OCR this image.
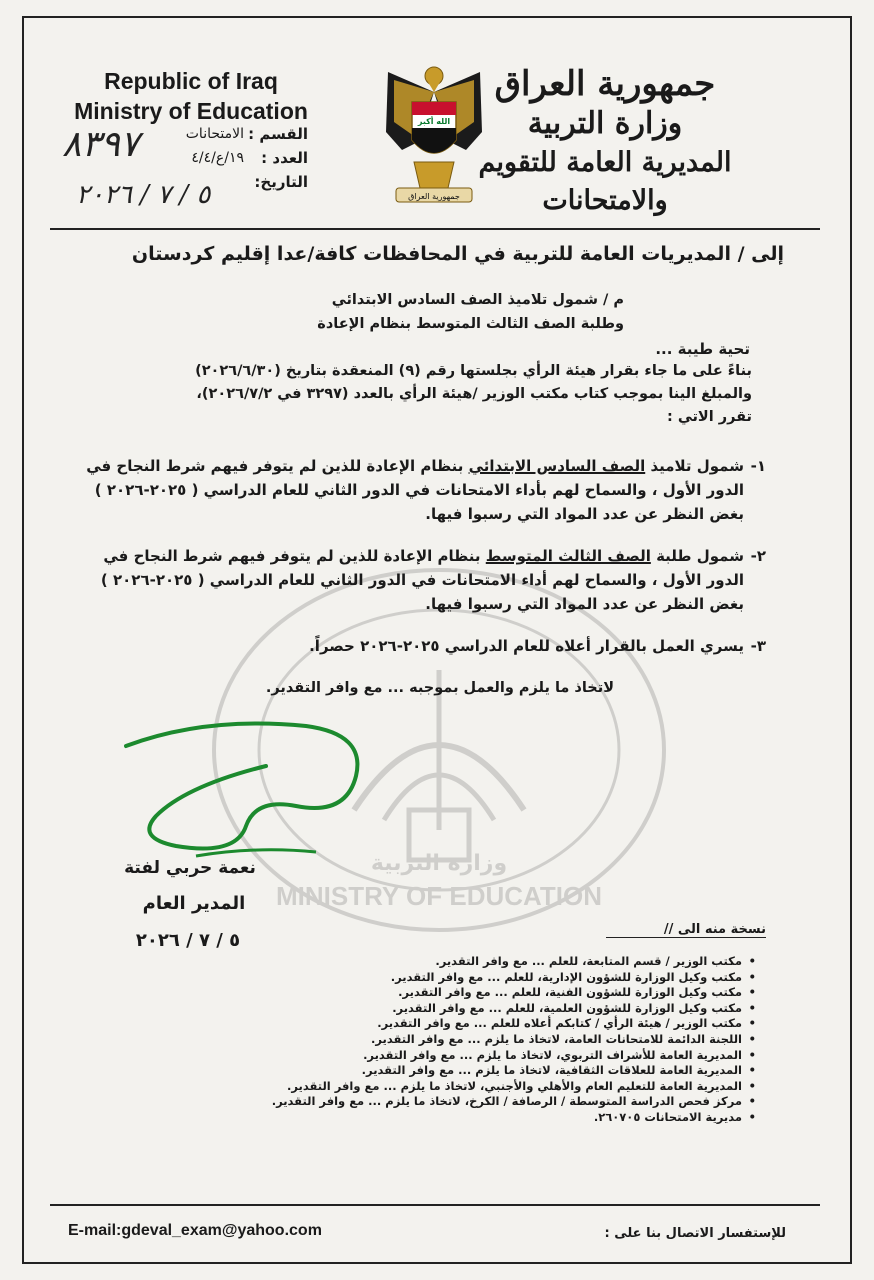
MINISTRY OF EDUCATION
وزارة التربية
Republic of Iraq
Ministry of Education
جمهورية العراق
وزارة التربية
المديرية العامة للتقويم والامتحانات
الله أكبر
جمهورية العراق
القسم :
الامتحانات
العدد :
١٩/ع/٤/٤
التاريخ:
٨٣٩٧
٥ / ٧ / ٢٠٢٦
إلى / المديريات العامة للتربية في المحافظات كافة/عدا إقليم كردستان
م / شمول تلاميذ الصف السادس الابتدائي
وطلبة الصف الثالث المتوسط بنظام الإعادة
تحية طيبة ...
بناءً على ما جاء بقرار هيئة الرأي بجلستها رقم (٩) المنعقدة بتاريخ (٢٠٢٦/٦/٣٠)
والمبلغ الينا بموجب كتاب مكتب الوزير /هيئة الرأي بالعدد (٣٢٩٧ في ٢٠٢٦/٧/٢)،
تقرر الاتي :
١-شمول تلاميذ الصف السادس الابتدائي بنظام الإعادة للذين لم يتوفر فيهم شرط النجاح في الدور الأول ، والسماح لهم بأداء الامتحانات في الدور الثاني للعام الدراسي ( ٢٠٢٥-٢٠٢٦ ) بغض النظر عن عدد المواد التي رسبوا فيها.
٢-شمول طلبة الصف الثالث المتوسط بنظام الإعادة للذين لم يتوفر فيهم شرط النجاح في الدور الأول ، والسماح لهم أداء الامتحانات في الدور الثاني للعام الدراسي ( ٢٠٢٥-٢٠٢٦ ) بغض النظر عن عدد المواد التي رسبوا فيها.
٣-يسري العمل بالقرار أعلاه للعام الدراسي ٢٠٢٥-٢٠٢٦ حصراً.
لاتخاذ ما يلزم والعمل بموجبه ... مع وافر التقدير.
نعمة حربي لفتة
المدير العام
٥ / ٧ / ٢٠٢٦
نسخة منه الى //
• مكتب الوزير / قسم المتابعة، للعلم ... مع وافر التقدير.
• مكتب وكيل الوزارة للشؤون الإدارية، للعلم ... مع وافر التقدير.
• مكتب وكيل الوزارة للشؤون الفنية، للعلم ... مع وافر التقدير.
• مكتب وكيل الوزارة للشؤون العلمية، للعلم ... مع وافر التقدير.
• مكتب الوزير / هيئة الرأي / كتابكم أعلاه للعلم ... مع وافر التقدير.
• اللجنة الدائمة للامتحانات العامة، لاتخاذ ما يلزم ... مع وافر التقدير.
• المديرية العامة للأشراف التربوي، لاتخاذ ما يلزم ... مع وافر التقدير.
• المديرية العامة للعلاقات الثقافية، لاتخاذ ما يلزم ... مع وافر التقدير.
• المديرية العامة للتعليم العام والأهلي والأجنبي، لاتخاذ ما يلزم ... مع وافر التقدير.
• مركز فحص الدراسة المتوسطة / الرصافة / الكرخ، لاتخاذ ما يلزم ... مع وافر التقدير.
• مديرية الامتحانات ٢٦٠٧٠٥.
E-mail:gdeval_exam@yahoo.com	للإستفسار الاتصال بنا على :
